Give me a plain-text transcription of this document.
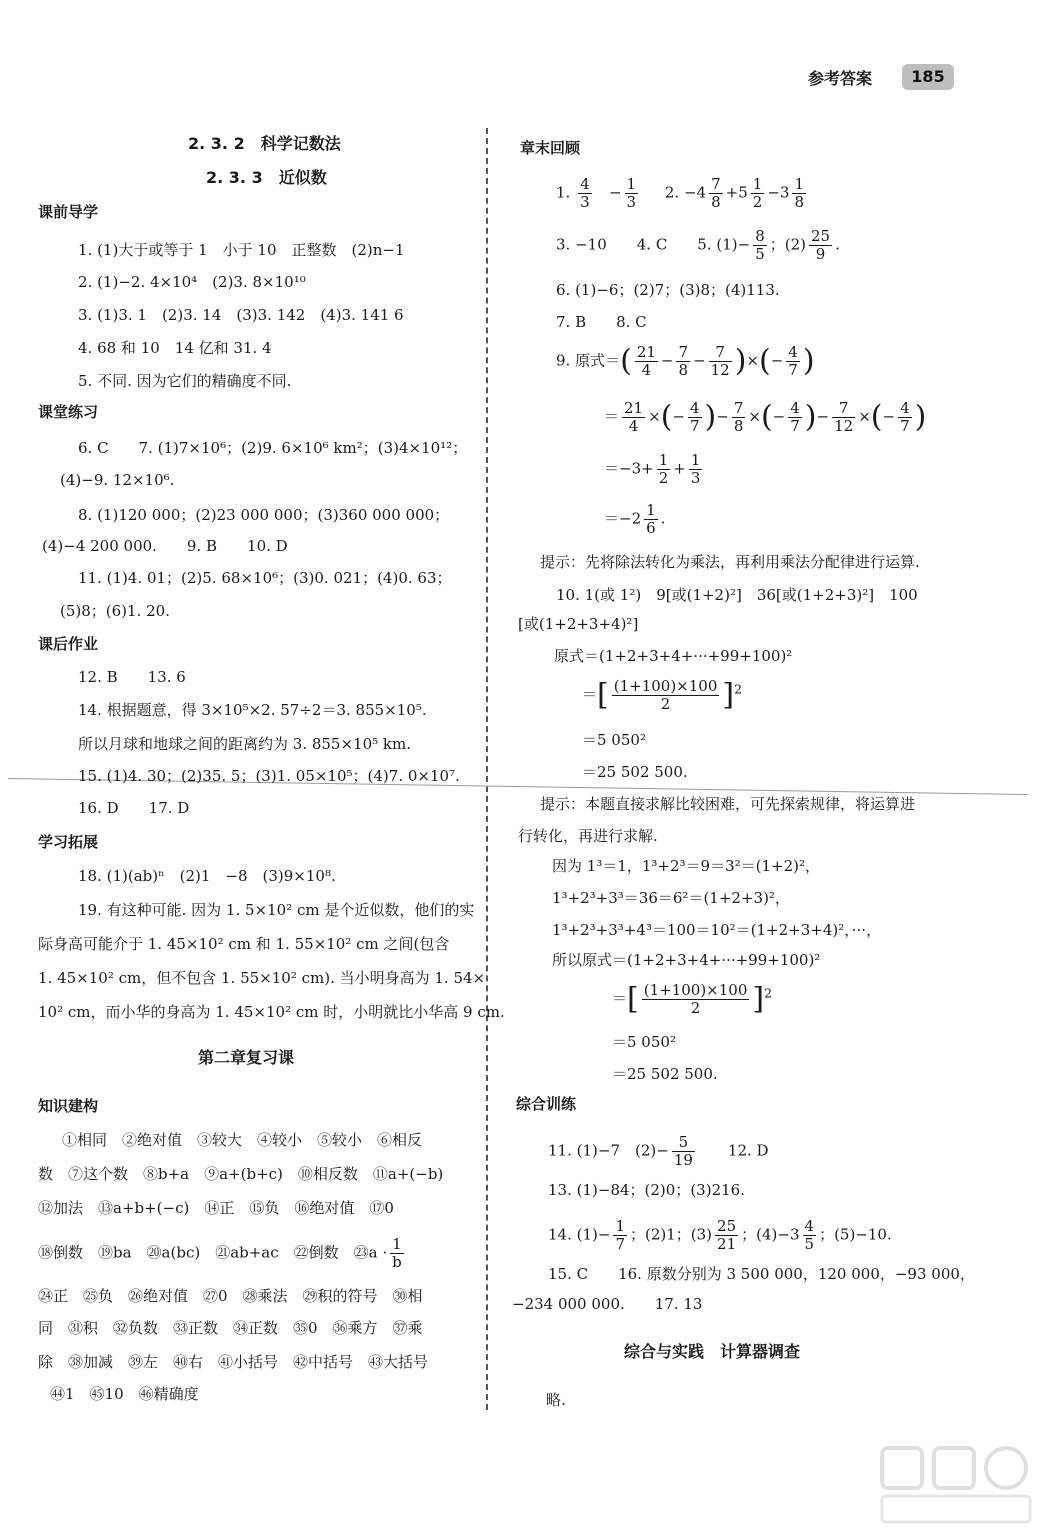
参考答案	185
2. 3. 2　科学记数法
2. 3. 3　近似数
课前导学
1. (1)大于或等于 1　小于 10　正整数　(2)n−1
2. (1)−2. 4×10⁴　(2)3. 8×10¹⁰
3. (1)3. 1　(2)3. 14　(3)3. 142　(4)3. 141 6
4. 68 和 10　14 亿和 31. 4
5. 不同. 因为它们的精确度不同.
课堂练习
6. C　　7. (1)7×10⁶；(2)9. 6×10⁶ km²；(3)4×10¹²；
(4)−9. 12×10⁶.
8. (1)120 000；(2)23 000 000；(3)360 000 000；
(4)−4 200 000.　　9. B　　10. D
11. (1)4. 01；(2)5. 68×10⁶；(3)0. 021；(4)0. 63；
(5)8；(6)1. 20.
课后作业
12. B　　13. 6
14. 根据题意，得 3×10⁵×2. 57÷2＝3. 855×10⁵.
所以月球和地球之间的距离约为 3. 855×10⁵ km.
15. (1)4. 30；(2)35. 5；(3)1. 05×10⁵；(4)7. 0×10⁷.
16. D　　17. D
学习拓展
18. (1)(ab)ⁿ　(2)1　−8　(3)9×10⁸.
19. 有这种可能. 因为 1. 5×10² cm 是个近似数，他们的实
际身高可能介于 1. 45×10² cm 和 1. 55×10² cm 之间(包含
1. 45×10² cm，但不包含 1. 55×10² cm). 当小明身高为 1. 54×
10² cm，而小华的身高为 1. 45×10² cm 时，小明就比小华高 9 cm.
第二章复习课
知识建构
①相同　②绝对值　③较大　④较小　⑤较小　⑥相反
数　⑦这个数　⑧b+a　⑨a+(b+c)　⑩相反数　⑪a+(−b)
⑫加法　⑬a+b+(−c)　⑭正　⑮负　⑯绝对值　⑰0
⑱倒数　⑲ba　⑳a(bc)　㉑ab+ac　㉒倒数　㉓a · $\frac{1}{b}$
㉔正　㉕负　㉖绝对值　㉗0　㉘乘法　㉙积的符号　㉚相
同　㉛积　㉜负数　㉝正数　㉞正数　㉟0　㊱乘方　㊲乘
除　㊳加减　㊴左　㊵右　㊶小括号　㊷中括号　㊸大括号
㊹1　㊺10　㊻精确度
章末回顾
1. $\frac{4}{3} - \frac{1}{3} 2$. $-4 \frac{7}{8} +5 \frac{1}{2} -3 \frac{1}{8}$
3. −10　　4. C　　5. $(1)- \frac{8}{5}$ ；$(2) \frac{25}{9}$ .
6. (1)−6；(2)7；(3)8；(4)113.
7. B　　8. C
9. 原式＝( $\frac{21}{4} - \frac{7}{8} - \frac{7}{12}$ )×(− $\frac{4}{7}$ )
＝ $\frac{21}{4}$ ×(− $\frac{4}{7}$ )− $\frac{7}{8}$ ×(− $\frac{4}{7}$ )− $\frac{7}{12}$ ×(− $\frac{4}{7}$ )
$=-3+ \frac{1}{2} + \frac{1}{3}$
$=-2 \frac{1}{6}$ .
提示：先将除法转化为乘法，再利用乘法分配律进行运算.
10. 1(或 1²)　9[或(1+2)²]　36[或(1+2+3)²]　100
[或(1+2+3+4)²]
原式＝(1+2+3+4+···+99+100)²
＝[ $\frac{(1+100)\times 100}{2} ]^2$
＝5 050²
＝25 502 500.
提示：本题直接求解比较困难，可先探索规律，将运算进
行转化，再进行求解.
因为 1³＝1，1³+2³＝9＝3²＝(1+2)²，
1³+2³+3³＝36＝6²＝(1+2+3)²，
1³+2³+3³+4³＝100＝10²＝(1+2+3+4)²，···，
所以原式＝(1+2+3+4+···+99+100)²
＝[ $\frac{(1+100)\times 100}{2} ]^2$
＝5 050²
＝25 502 500.
综合训练
11. (1)−7　$(2)- \frac{5}{19}$ 　　12. D
13. (1)−84；(2)0；(3)216.
14. $(1)- \frac{1}{7}$ ；(2)1；$(3) \frac{25}{21}$ ；$(4)-3 \frac{4}{5}$ ；(5)−10.
15. C　　16. 原数分别为 3 500 000，120 000，−93 000，
−234 000 000.　　17. 13
综合与实践　计算器调查
略.
